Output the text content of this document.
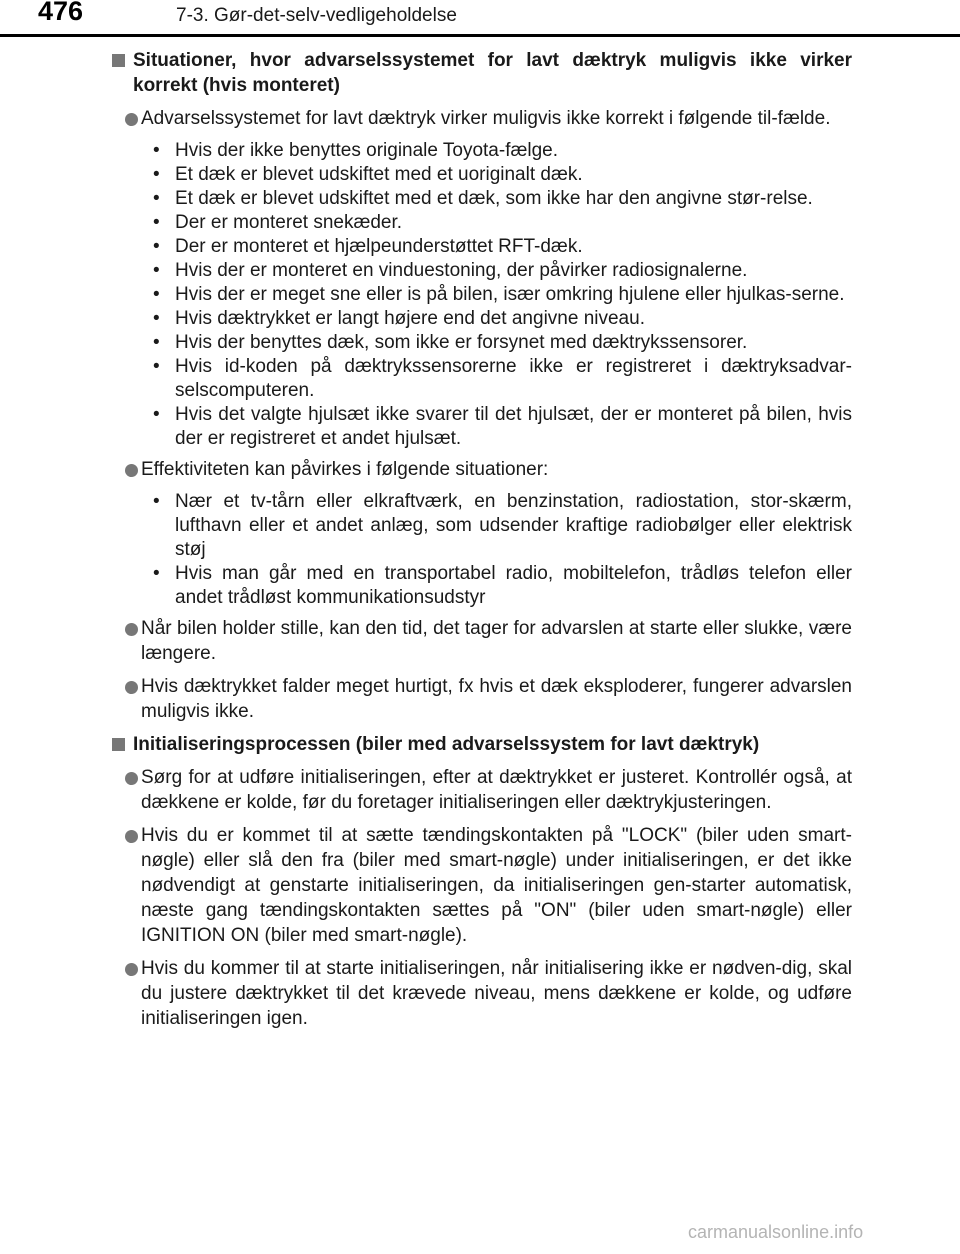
476	7-3. Gør-det-selv-vedligeholdelse
Situationer, hvor advarselssystemet for lavt dæktryk muligvis ikke virker korrekt (hvis monteret)
Advarselssystemet for lavt dæktryk virker muligvis ikke korrekt i følgende til-fælde.
• Hvis der ikke benyttes originale Toyota-fælge.
• Et dæk er blevet udskiftet med et uoriginalt dæk.
• Et dæk er blevet udskiftet med et dæk, som ikke har den angivne stør-relse.
• Der er monteret snekæder.
• Der er monteret et hjælpeunderstøttet RFT-dæk.
• Hvis der er monteret en vinduestoning, der påvirker radiosignalerne.
• Hvis der er meget sne eller is på bilen, især omkring hjulene eller hjulkas-serne.
• Hvis dæktrykket er langt højere end det angivne niveau.
• Hvis der benyttes dæk, som ikke er forsynet med dæktrykssensorer.
• Hvis id-koden på dæktrykssensorerne ikke er registreret i dæktryksadvar-selscomputeren.
• Hvis det valgte hjulsæt ikke svarer til det hjulsæt, der er monteret på bilen, hvis der er registreret et andet hjulsæt.
Effektiviteten kan påvirkes i følgende situationer:
• Nær et tv-tårn eller elkraftværk, en benzinstation, radiostation, stor-skærm, lufthavn eller et andet anlæg, som udsender kraftige radiobølger eller elektrisk støj
• Hvis man går med en transportabel radio, mobiltelefon, trådløs telefon eller andet trådløst kommunikationsudstyr
Når bilen holder stille, kan den tid, det tager for advarslen at starte eller slukke, være længere.
Hvis dæktrykket falder meget hurtigt, fx hvis et dæk eksploderer, fungerer advarslen muligvis ikke.
Initialiseringsprocessen (biler med advarselssystem for lavt dæktryk)
Sørg for at udføre initialiseringen, efter at dæktrykket er justeret. Kontrollér også, at dækkene er kolde, før du foretager initialiseringen eller dæktrykjusteringen.
Hvis du er kommet til at sætte tændingskontakten på "LOCK" (biler uden smart-nøgle) eller slå den fra (biler med smart-nøgle) under initialiseringen, er det ikke nødvendigt at genstarte initialiseringen, da initialiseringen gen-starter automatisk, næste gang tændingskontakten sættes på "ON" (biler uden smart-nøgle) eller IGNITION ON (biler med smart-nøgle).
Hvis du kommer til at starte initialiseringen, når initialisering ikke er nødven-dig, skal du justere dæktrykket til det krævede niveau, mens dækkene er kolde, og udføre initialiseringen igen.
carmanualsonline.info
